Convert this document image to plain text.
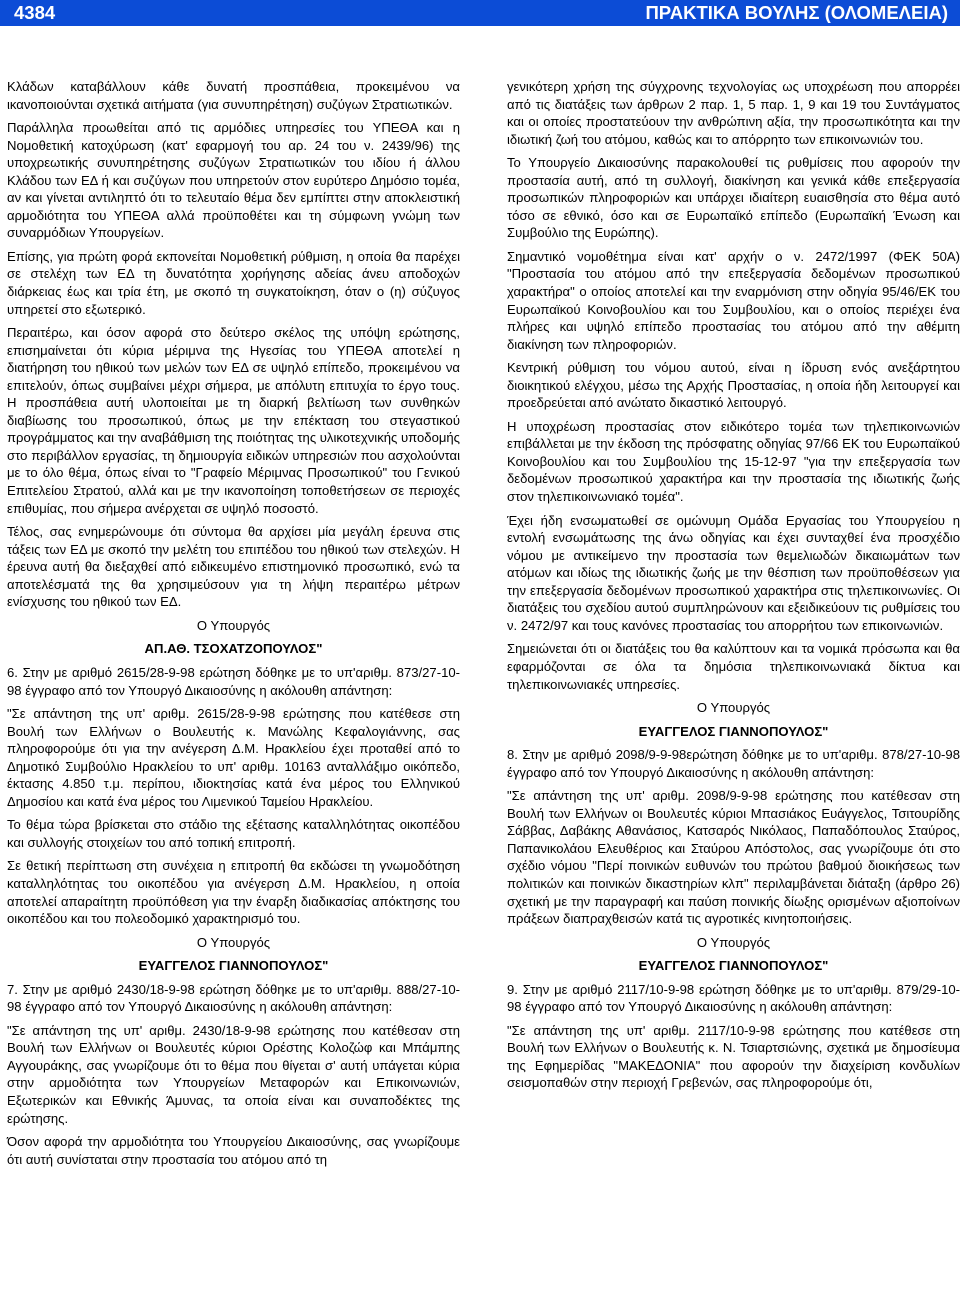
4384	ΠΡΑΚΤΙΚΑ ΒΟΥΛΗΣ (ΟΛΟΜΕΛΕΙΑ)

Κλάδων καταβάλλουν κάθε δυνατή προσπάθεια, προκειμένου να ικανοποιούνται σχετικά αιτήματα (για συνυπηρέτηση) συζύγων Στρατιωτικών.

Παράλληλα προωθείται από τις αρμόδιες υπηρεσίες του ΥΠΕΘΑ και η Νομοθετική κατοχύρωση (κατ' εφαρμογή του αρ. 24 του ν. 2439/96) της υποχρεωτικής συνυπηρέτησης συζύγων Στρατιωτικών του ιδίου ή άλλου Κλάδου των ΕΔ ή και συζύγων που υπηρετούν στον ευρύτερο Δημόσιο τομέα, αν και γίνεται αντιληπτό ότι το τελευταίο θέμα δεν εμπίπτει στην αποκλειστική αρμοδιότητα του ΥΠΕΘΑ αλλά προϋποθέτει και τη σύμφωνη γνώμη των συναρμόδιων Υπουργείων.

Επίσης, για πρώτη φορά εκπονείται Νομοθετική ρύθμιση, η οποία θα παρέχει σε στελέχη των ΕΔ τη δυνατότητα χορήγησης αδείας άνευ αποδοχών διάρκειας έως και τρία έτη, με σκοπό τη συγκατοίκηση, όταν ο (η) σύζυγος υπηρετεί στο εξωτερικό.

Περαιτέρω, και όσον αφορά στο δεύτερο σκέλος της υπόψη ερώτησης, επισημαίνεται ότι κύρια μέριμνα της Ηγεσίας του ΥΠΕΘΑ αποτελεί η διατήρηση του ηθικού των μελών των ΕΔ σε υψηλό επίπεδο, προκειμένου να επιτελούν, όπως συμβαίνει μέχρι σήμερα, με απόλυτη επιτυχία το έργο τους. Η προσπάθεια αυτή υλοποιείται με τη διαρκή βελτίωση των συνθηκών διαβίωσης του προσωπικού, όπως με την επέκταση του στεγαστικού προγράμματος και την αναβάθμιση της ποιότητας της υλικοτεχνικής υποδομής στο περιβάλλον εργασίας, τη δημιουργία ειδικών υπηρεσιών που ασχολούνται με το όλο θέμα, όπως είναι το "Γραφείο Μέριμνας Προσωπικού" του Γενικού Επιτελείου Στρατού, αλλά και με την ικανοποίηση τοποθετήσεων σε περιοχές επιθυμίας, που σήμερα ανέρχεται σε υψηλό ποσοστό.

Τέλος, σας ενημερώνουμε ότι σύντομα θα αρχίσει μία μεγάλη έρευνα στις τάξεις των ΕΔ με σκοπό την μελέτη του επιπέδου του ηθικού των στελεχών. Η έρευνα αυτή θα διεξαχθεί από ειδικευμένο επιστημονικό προσωπικό, ενώ τα αποτελέσματά της θα χρησιμεύσουν για τη λήψη περαιτέρω μέτρων ενίσχυσης του ηθικού των ΕΔ.

Ο Υπουργός

ΑΠ.ΑΘ. ΤΣΟΧΑΤΖΟΠΟΥΛΟΣ"

6. Στην με αριθμό 2615/28-9-98 ερώτηση δόθηκε με το υπ'αριθμ. 873/27-10-98 έγγραφο από τον Υπουργό Δικαιοσύνης η ακόλουθη απάντηση:

"Σε απάντηση της υπ' αριθμ. 2615/28-9-98 ερώτησης που κατέθεσε στη Βουλή των Ελλήνων ο Βουλευτής κ. Μανώλης Κεφαλογιάννης, σας πληροφορούμε ότι για την ανέγερση Δ.Μ. Ηρακλείου έχει προταθεί από το Δημοτικό Συμβούλιο Ηρακλείου το υπ' αριθμ. 10163 ανταλλάξιμο οικόπεδο, έκτασης 4.850 τ.μ. περίπου, ιδιοκτησίας κατά ένα μέρος του Ελληνικού Δημοσίου και κατά ένα μέρος του Λιμενικού Ταμείου Ηρακλείου.

Το θέμα τώρα βρίσκεται στο στάδιο της εξέτασης καταλληλότητας οικοπέδου και συλλογής στοιχείων του από τοπική επιτροπή.

Σε θετική περίπτωση στη συνέχεια η επιτροπή θα εκδώσει τη γνωμοδότηση καταλληλότητας του οικοπέδου για ανέγερση Δ.Μ. Ηρακλείου, η οποία αποτελεί απαραίτητη προϋπόθεση για την έναρξη διαδικασίας απόκτησης του οικοπέδου και του πολεοδομικό χαρακτηρισμό του.

Ο Υπουργός

ΕΥΑΓΓΕΛΟΣ ΓΙΑΝΝΟΠΟΥΛΟΣ"

7. Στην με αριθμό 2430/18-9-98 ερώτηση δόθηκε με το υπ'αριθμ. 888/27-10-98 έγγραφο από τον Υπουργό Δικαιοσύνης η ακόλουθη απάντηση:

"Σε απάντηση της υπ' αριθμ. 2430/18-9-98 ερώτησης που κατέθεσαν στη Βουλή των Ελλήνων οι Βουλευτές κύριοι Ορέστης Κολοζώφ και Μπάμπης Αγγουράκης, σας γνωρίζουμε ότι το θέμα που θίγεται σ' αυτή υπάγεται κύρια στην αρμοδιότητα των Υπουργείων Μεταφορών και Επικοινωνιών, Εξωτερικών και Εθνικής Άμυνας, τα οποία είναι και συναποδέκτες της ερώτησης.

Όσον αφορά την αρμοδιότητα του Υπουργείου Δικαιοσύνης, σας γνωρίζουμε ότι αυτή συνίσταται στην προστασία του ατόμου από τη

γενικότερη χρήση της σύγχρονης τεχνολογίας ως υποχρέωση που απορρέει από τις διατάξεις των άρθρων 2 παρ. 1, 5 παρ. 1, 9 και 19 του Συντάγματος και οι οποίες προστατεύουν την ανθρώπινη αξία, την προσωπικότητα και την ιδιωτική ζωή του ατόμου, καθώς και το απόρρητο των επικοινωνιών του.

Το Υπουργείο Δικαιοσύνης παρακολουθεί τις ρυθμίσεις που αφορούν την προστασία αυτή, από τη συλλογή, διακίνηση και γενικά κάθε επεξεργασία προσωπικών πληροφοριών και υπάρχει ιδιαίτερη ευαισθησία στο θέμα αυτό τόσο σε εθνικό, όσο και σε Ευρωπαϊκό επίπεδο (Ευρωπαϊκή Ένωση και Συμβούλιο της Ευρώπης).

Σημαντικό νομοθέτημα είναι κατ' αρχήν ο ν. 2472/1997 (ΦΕΚ 50Α) "Προστασία του ατόμου από την επεξεργασία δεδομένων προσωπικού χαρακτήρα" ο οποίος αποτελεί και την εναρμόνιση στην οδηγία 95/46/ΕΚ του Ευρωπαϊκού Κοινοβουλίου και του Συμβουλίου, και ο οποίος περιέχει ένα πλήρες και υψηλό επίπεδο προστασίας του ατόμου από την αθέμιτη διακίνηση των πληροφοριών.

Κεντρική ρύθμιση του νόμου αυτού, είναι η ίδρυση ενός ανεξάρτητου διοικητικού ελέγχου, μέσω της Αρχής Προστασίας, η οποία ήδη λειτουργεί και προεδρεύεται από ανώτατο δικαστικό λειτουργό.

Η υποχρέωση προστασίας στον ειδικότερο τομέα των τηλεπικοινωνιών επιβάλλεται με την έκδοση της πρόσφατης οδηγίας 97/66 ΕΚ του Ευρωπαϊκού Κοινοβουλίου και του Συμβουλίου της 15-12-97 "για την επεξεργασία των δεδομένων προσωπικού χαρακτήρα και την προστασία της ιδιωτικής ζωής στον τηλεπικοινωνιακό τομέα".

Έχει ήδη ενσωματωθεί σε ομώνυμη Ομάδα Εργασίας του Υπουργείου η εντολή ενσωμάτωσης της άνω οδηγίας και έχει συνταχθεί ένα προσχέδιο νόμου με αντικείμενο την προστασία των θεμελιωδών δικαιωμάτων των ατόμων και ιδίως της ιδιωτικής ζωής με την θέσπιση των προϋποθέσεων για την επεξεργασία δεδομένων προσωπικού χαρακτήρα στις τηλεπικοινωνίες. Οι διατάξεις του σχεδίου αυτού συμπληρώνουν και εξειδικεύουν τις ρυθμίσεις του ν. 2472/97 και τους κανόνες προστασίας του απορρήτου των επικοινωνιών.

Σημειώνεται ότι οι διατάξεις του θα καλύπτουν και τα νομικά πρόσωπα και θα εφαρμόζονται σε όλα τα δημόσια τηλεπικοινωνιακά δίκτυα και τηλεπικοινωνιακές υπηρεσίες.

Ο Υπουργός

ΕΥΑΓΓΕΛΟΣ ΓΙΑΝΝΟΠΟΥΛΟΣ"

8. Στην με αριθμό 2098/9-9-98ερώτηση δόθηκε με το υπ'αριθμ. 878/27-10-98 έγγραφο από τον Υπουργό Δικαιοσύνης η ακόλουθη απάντηση:

"Σε απάντηση της υπ' αριθμ. 2098/9-9-98 ερώτησης που κατέθεσαν στη Βουλή των Ελλήνων οι Βουλευτές κύριοι Μπασιάκος Ευάγγελος, Τσιτουρίδης Σάββας, Δαβάκης Αθανάσιος, Κατσαρός Νικόλαος, Παπαδόπουλος Σταύρος, Παπανικολάου Ελευθέριος και Σταύρου Απόστολος, σας γνωρίζουμε ότι στο σχέδιο νόμου "Περί ποινικών ευθυνών του πρώτου βαθμού διοικήσεως των πολιτικών και ποινικών δικαστηρίων κλπ" περιλαμβάνεται διάταξη (άρθρο 26) σχετική με την παραγραφή και παύση ποινικής δίωξης ορισμένων αξιοποίνων πράξεων διαπραχθεισών κατά τις αγροτικές κινητοποιήσεις.

Ο Υπουργός

ΕΥΑΓΓΕΛΟΣ ΓΙΑΝΝΟΠΟΥΛΟΣ"

9. Στην με αριθμό 2117/10-9-98 ερώτηση δόθηκε με το υπ'αριθμ. 879/29-10-98 έγγραφο από τον Υπουργό Δικαιοσύνης η ακόλουθη απάντηση:

"Σε απάντηση της υπ' αριθμ. 2117/10-9-98 ερώτησης που κατέθεσε στη Βουλή των Ελλήνων ο Βουλευτής κ. Ν. Τσιαρτσιώνης, σχετικά με δημοσίευμα της Εφημερίδας "ΜΑΚΕΔΟΝΙΑ" που αφορούν την διαχείριση κονδυλίων σεισμοπαθών στην περιοχή Γρεβενών, σας πληροφορούμε ότι,
